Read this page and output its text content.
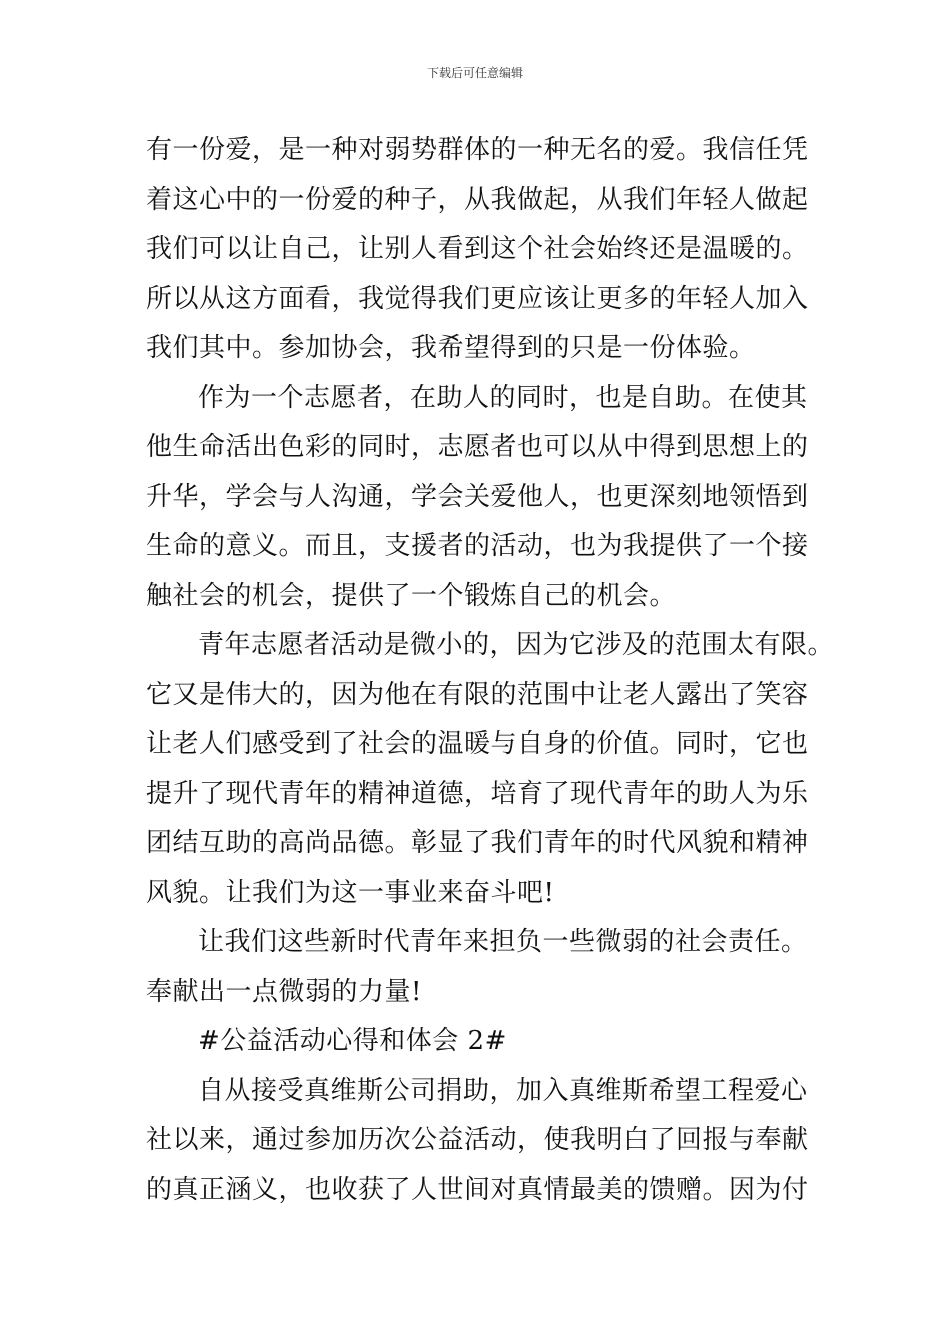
下载后可任意编辑
有一份爱，是一种对弱势群体的一种无名的爱。我信任凭
着这心中的一份爱的种子，从我做起，从我们年轻人做起
我们可以让自己，让别人看到这个社会始终还是温暖的。
所以从这方面看，我觉得我们更应该让更多的年轻人加入
我们其中。参加协会，我希望得到的只是一份体验。
作为一个志愿者，在助人的同时，也是自助。在使其
他生命活出色彩的同时，志愿者也可以从中得到思想上的
升华，学会与人沟通，学会关爱他人，也更深刻地领悟到
生命的意义。而且，支援者的活动，也为我提供了一个接
触社会的机会，提供了一个锻炼自己的机会。
青年志愿者活动是微小的，因为它涉及的范围太有限。
它又是伟大的，因为他在有限的范围中让老人露出了笑容
让老人们感受到了社会的温暖与自身的价值。同时，它也
提升了现代青年的精神道德，培育了现代青年的助人为乐
团结互助的高尚品德。彰显了我们青年的时代风貌和精神
风貌。让我们为这一事业来奋斗吧!
让我们这些新时代青年来担负一些微弱的社会责任。
奉献出一点微弱的力量!
#公益活动心得和体会 2#
自从接受真维斯公司捐助，加入真维斯希望工程爱心
社以来，通过参加历次公益活动，使我明白了回报与奉献
的真正涵义，也收获了人世间对真情最美的馈赠。因为付
